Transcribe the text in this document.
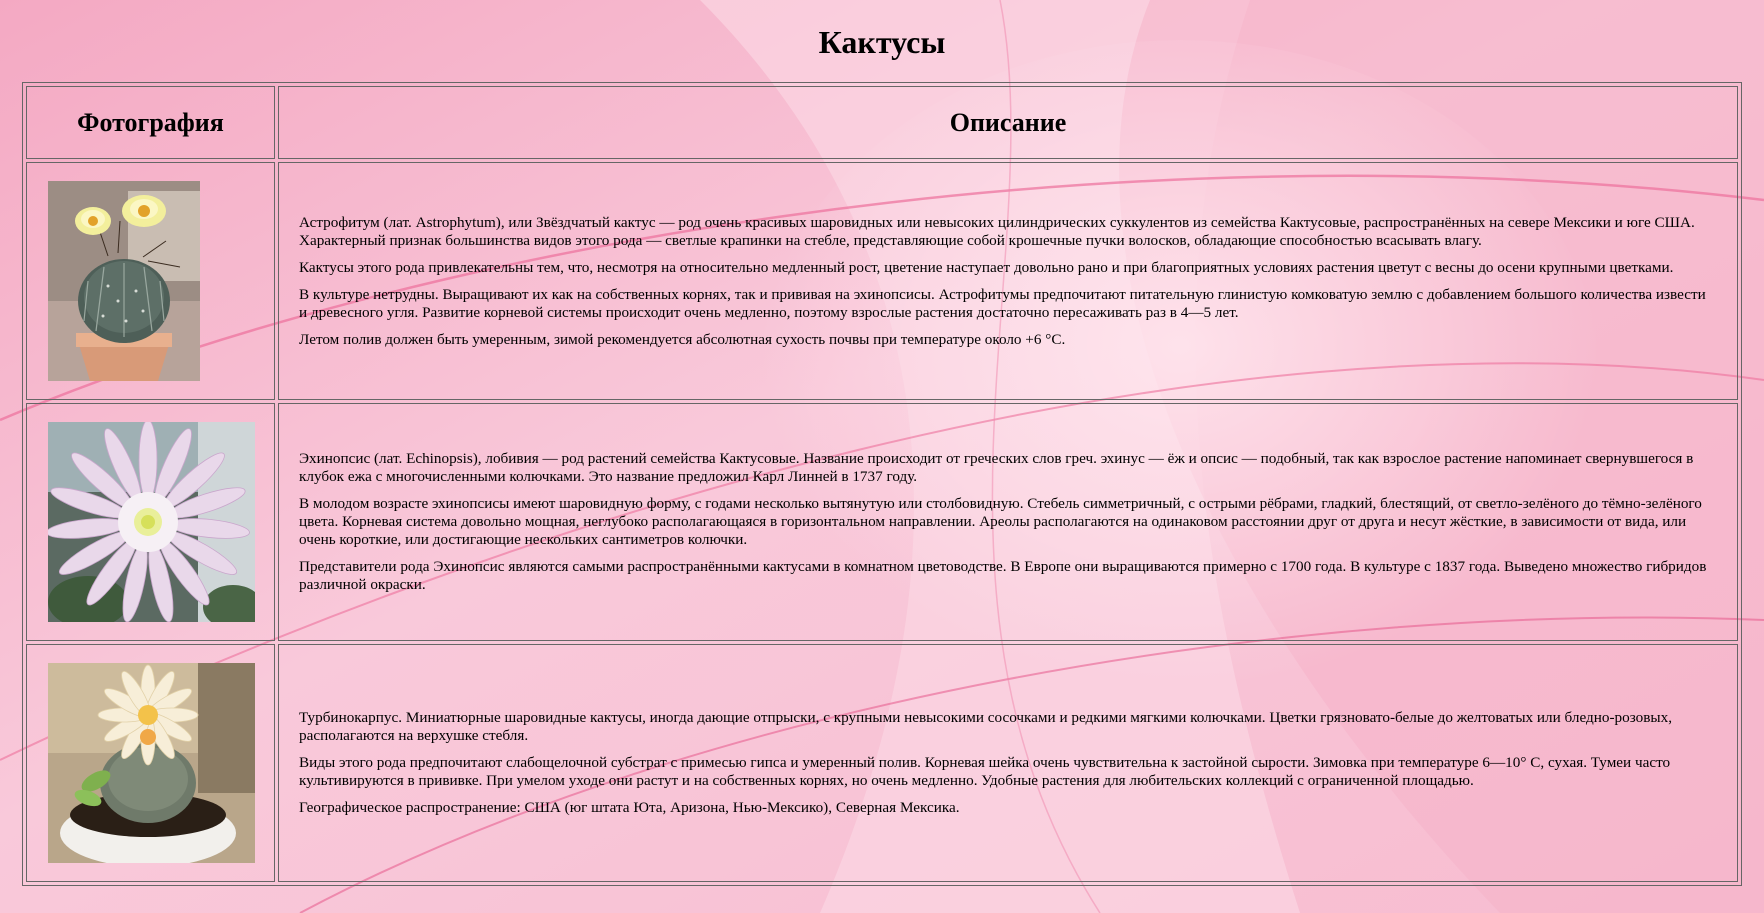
Кактусы
Фотография	Описание

Астрофитум (лат. Astrophytum), или Звёздчатый кактус — род очень красивых шаровидных или невысоких цилиндрических суккулентов из семейства Кактусовые, распространённых на севере Мексики и юге США. Характерный признак большинства видов этого рода — светлые крапинки на стебле, представляющие собой крошечные пучки волосков, обладающие способностью всасывать влагу.

Кактусы этого рода привлекательны тем, что, несмотря на относительно медленный рост, цветение наступает довольно рано и при благоприятных условиях растения цветут с весны до осени крупными цветками.

В культуре нетрудны. Выращивают их как на собственных корнях, так и прививая на эхинопсисы. Астрофитумы предпочитают питательную глинистую комковатую землю с добавлением большого количества извести и древесного угля. Развитие корневой системы происходит очень медленно, поэтому взрослые растения достаточно пересаживать раз в 4—5 лет.

Летом полив должен быть умеренным, зимой рекомендуется абсолютная сухость почвы при температуре около +6 °С.

Эхинопсис (лат. Echinopsis), лобивия — род растений семейства Кактусовые. Название происходит от греческих слов греч. эхинус — ёж и опсис — подобный, так как взрослое растение напоминает свернувшегося в клубок ежа с многочисленными колючками. Это название предложил Карл Линней в 1737 году.

В молодом возрасте эхинопсисы имеют шаровидную форму, с годами несколько вытянутую или столбовидную. Стебель симметричный, с острыми рёбрами, гладкий, блестящий, от светло-зелёного до тёмно-зелёного цвета. Корневая система довольно мощная, неглубоко располагающаяся в горизонтальном направлении. Ареолы располагаются на одинаковом расстоянии друг от друга и несут жёсткие, в зависимости от вида, или очень короткие, или достигающие нескольких сантиметров колючки.

Представители рода Эхинопсис являются самыми распространёнными кактусами в комнатном цветоводстве. В Европе они выращиваются примерно с 1700 года. В культуре с 1837 года. Выведено множество гибридов различной окраски.

Турбинокарпус. Миниатюрные шаровидные кактусы, иногда дающие отпрыски, с крупными невысокими сосочками и редкими мягкими колючками. Цветки грязновато-белые до желтоватых или бледно-розовых, располагаются на верхушке стебля.

Виды этого рода предпочитают слабощелочной субстрат с примесью гипса и умеренный полив. Корневая шейка очень чувствительна к застойной сырости. Зимовка при температуре 6—10° С, сухая. Тумеи часто культивируются в прививке. При умелом уходе они растут и на собственных корнях, но очень медленно. Удобные растения для любительских коллекций с ограниченной площадью.

Географическое распространение: США (юг штата Юта, Аризона, Нью-Мексико), Северная Мексика.
